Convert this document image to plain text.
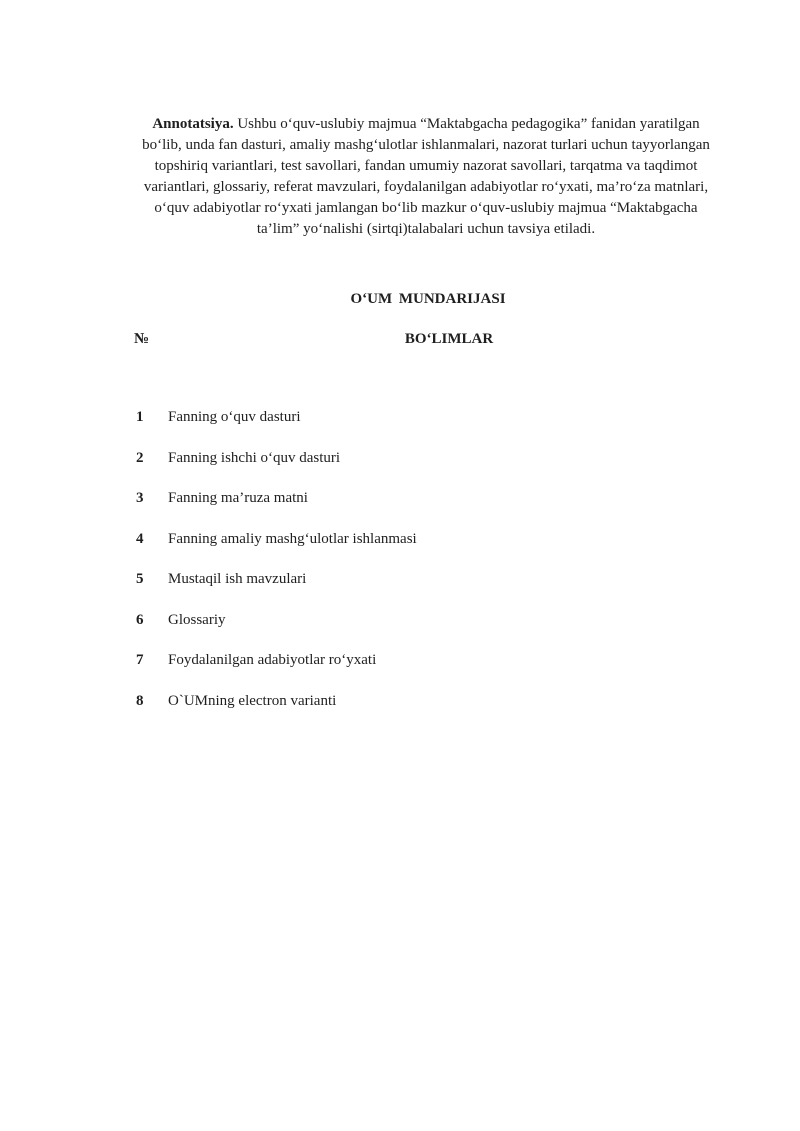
Annotatsiya. Ushbu o‘quv-uslubiy majmua “Maktabgacha pedagogika” fanidan yaratilgan
bo‘lib, unda fan dasturi, amaliy mashg‘ulotlar ishlanmalari, nazorat turlari uchun tayyorlangan
topshiriq variantlari, test savollari, fandan umumiy nazorat savollari, tarqatma va taqdimot
variantlari, glossariy, referat mavzulari, foydalanilgan adabiyotlar ro‘yxati, ma’ro‘za matnlari,
o‘quv adabiyotlar ro‘yxati jamlangan bo‘lib mazkur o‘quv-uslubiy majmua “Maktabgacha
ta’lim” yo‘nalishi (sirtqi)talabalari uchun tavsiya etiladi.

O‘UM MUNDARIJASI
№	BO‘LIMLAR
1 Fanning o‘quv dasturi
2 Fanning ishchi o‘quv dasturi
3 Fanning ma’ruza matni
4 Fanning amaliy mashg‘ulotlar ishlanmasi
5 Mustaqil ish mavzulari
6 Glossariy
7 Foydalanilgan adabiyotlar ro‘yxati
8 O`UMning electron varianti
